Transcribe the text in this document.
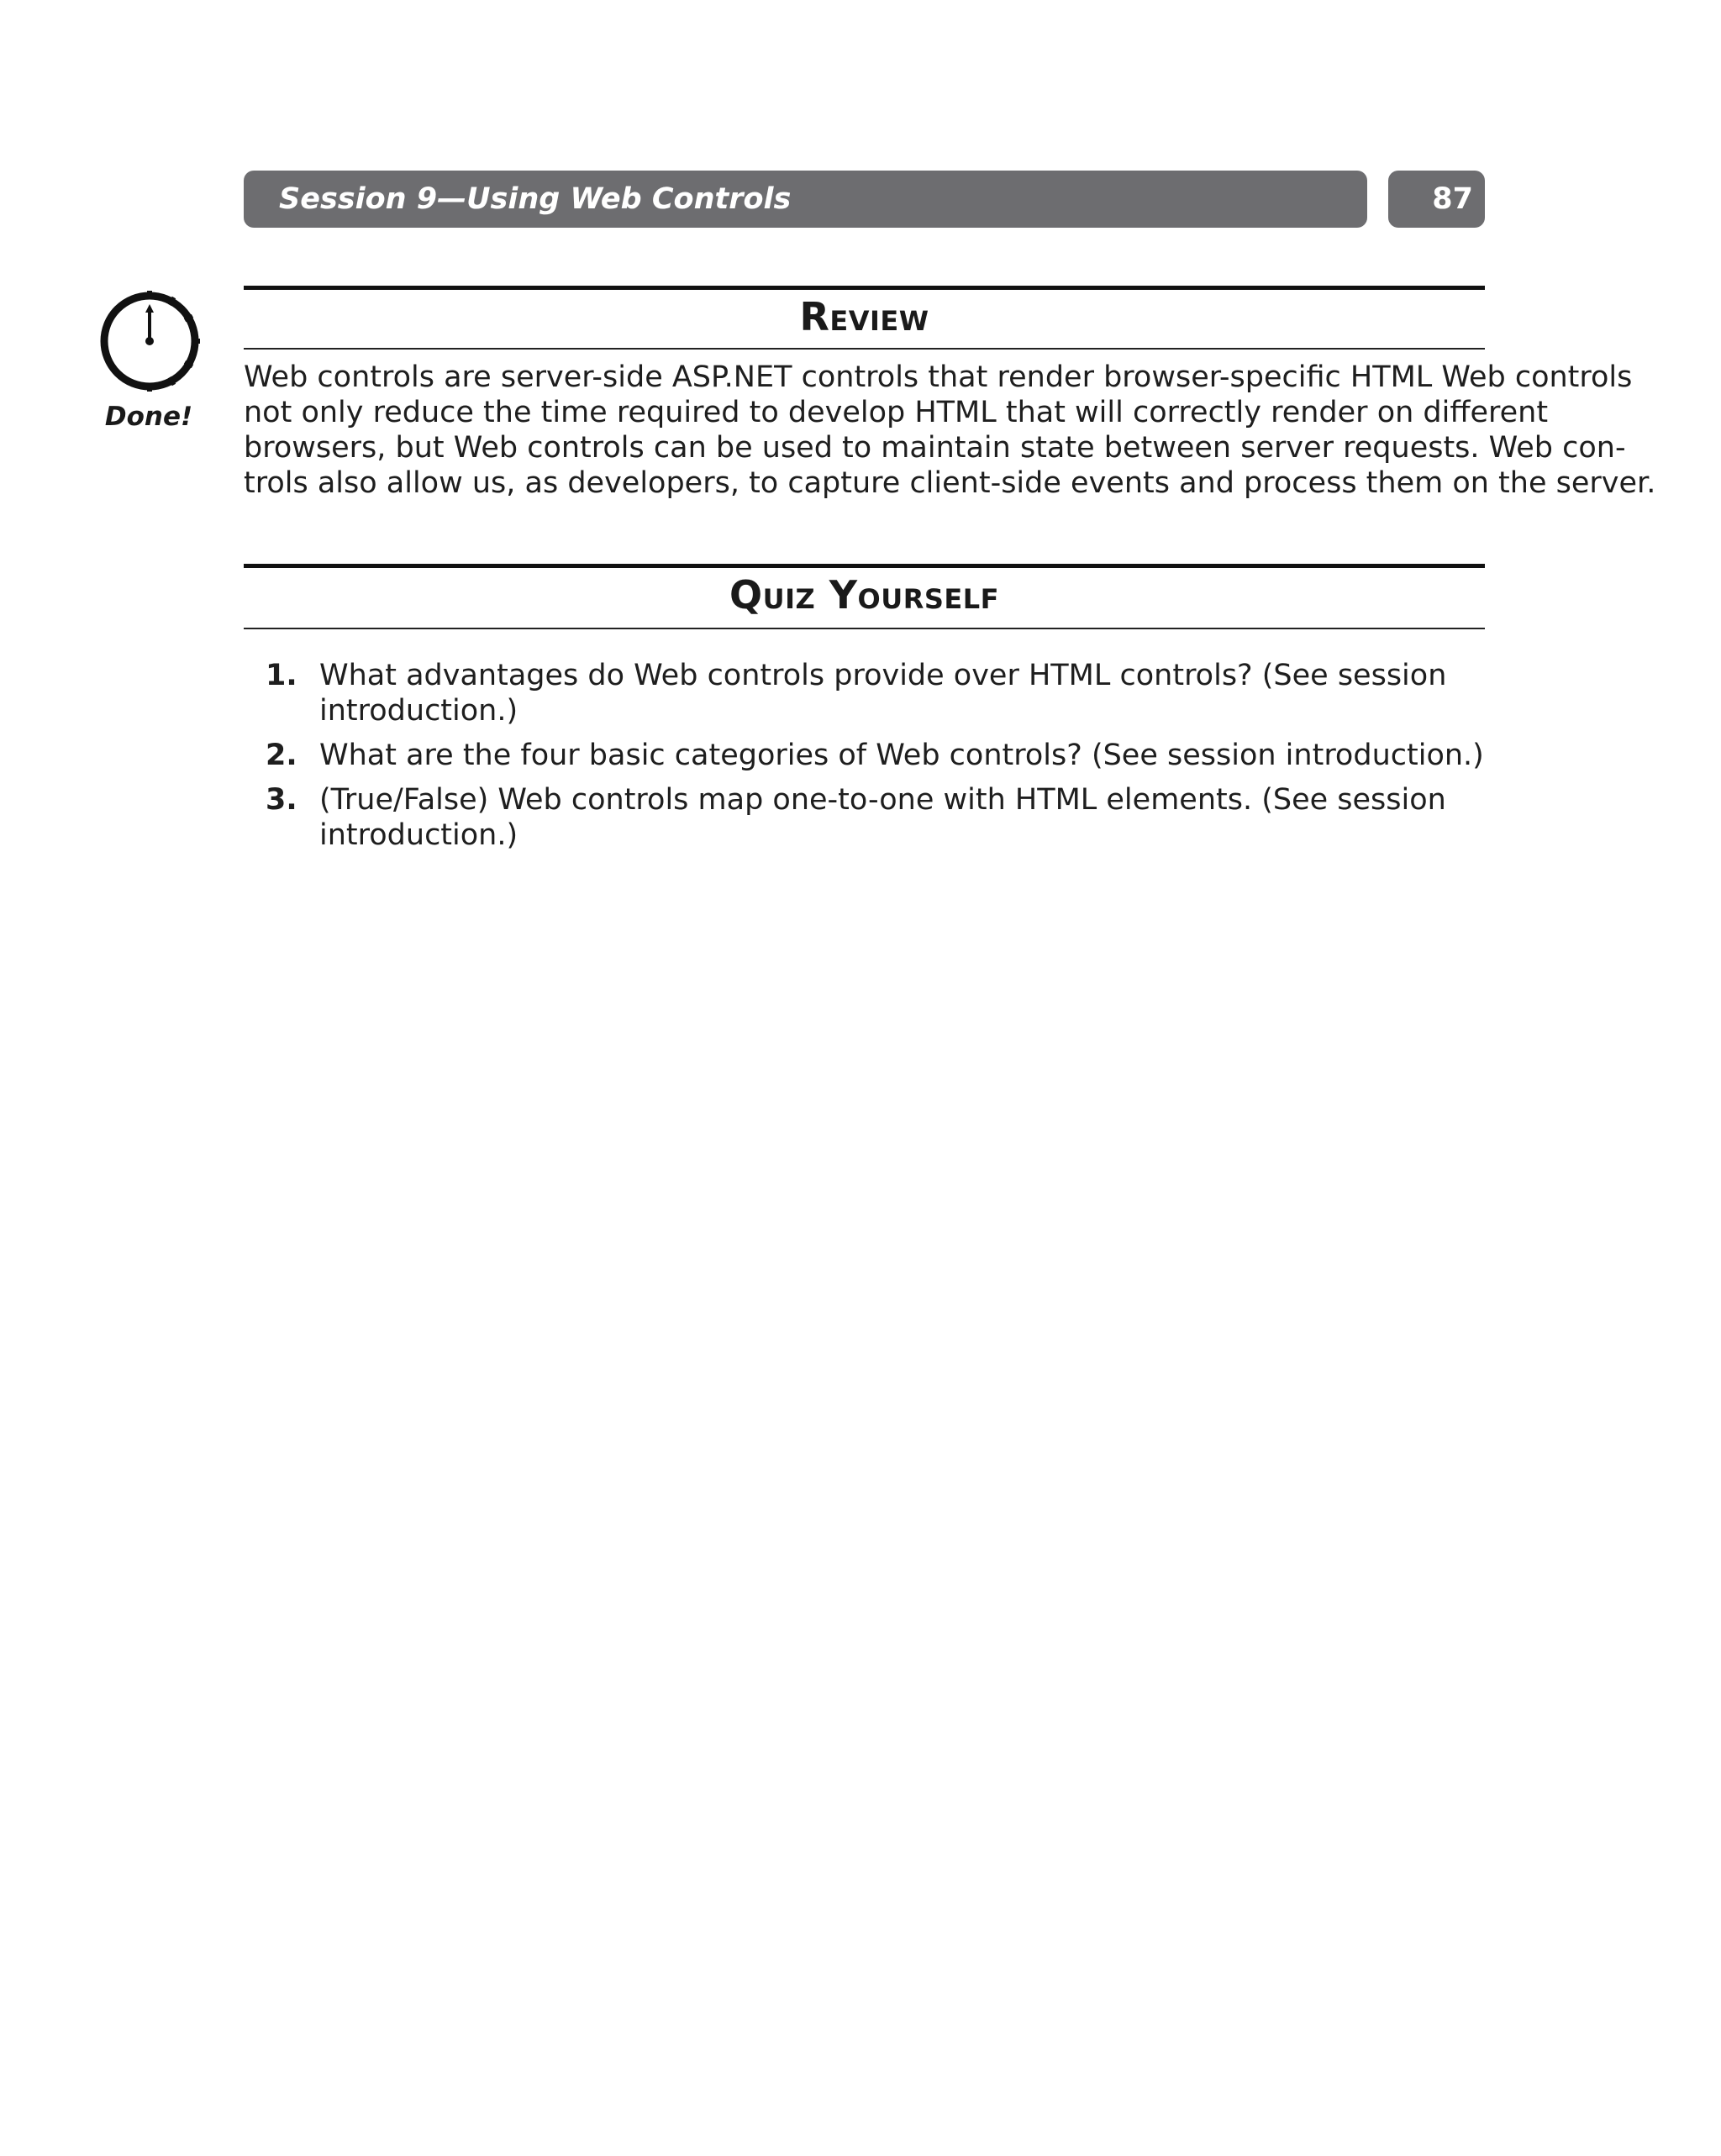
Session 9—Using Web Controls	87
Done!
Review

Web controls are server-side ASP.NET controls that render browser-specific HTML Web controls
not only reduce the time required to develop HTML that will correctly render on different
browsers, but Web controls can be used to maintain state between server requests. Web con-
trols also allow us, as developers, to capture client-side events and process them on the server.

Quiz Yourself
1. What advantages do Web controls provide over HTML controls? (See session
introduction.)
2. What are the four basic categories of Web controls? (See session introduction.)
3. (True/False) Web controls map one-to-one with HTML elements. (See session
introduction.)
